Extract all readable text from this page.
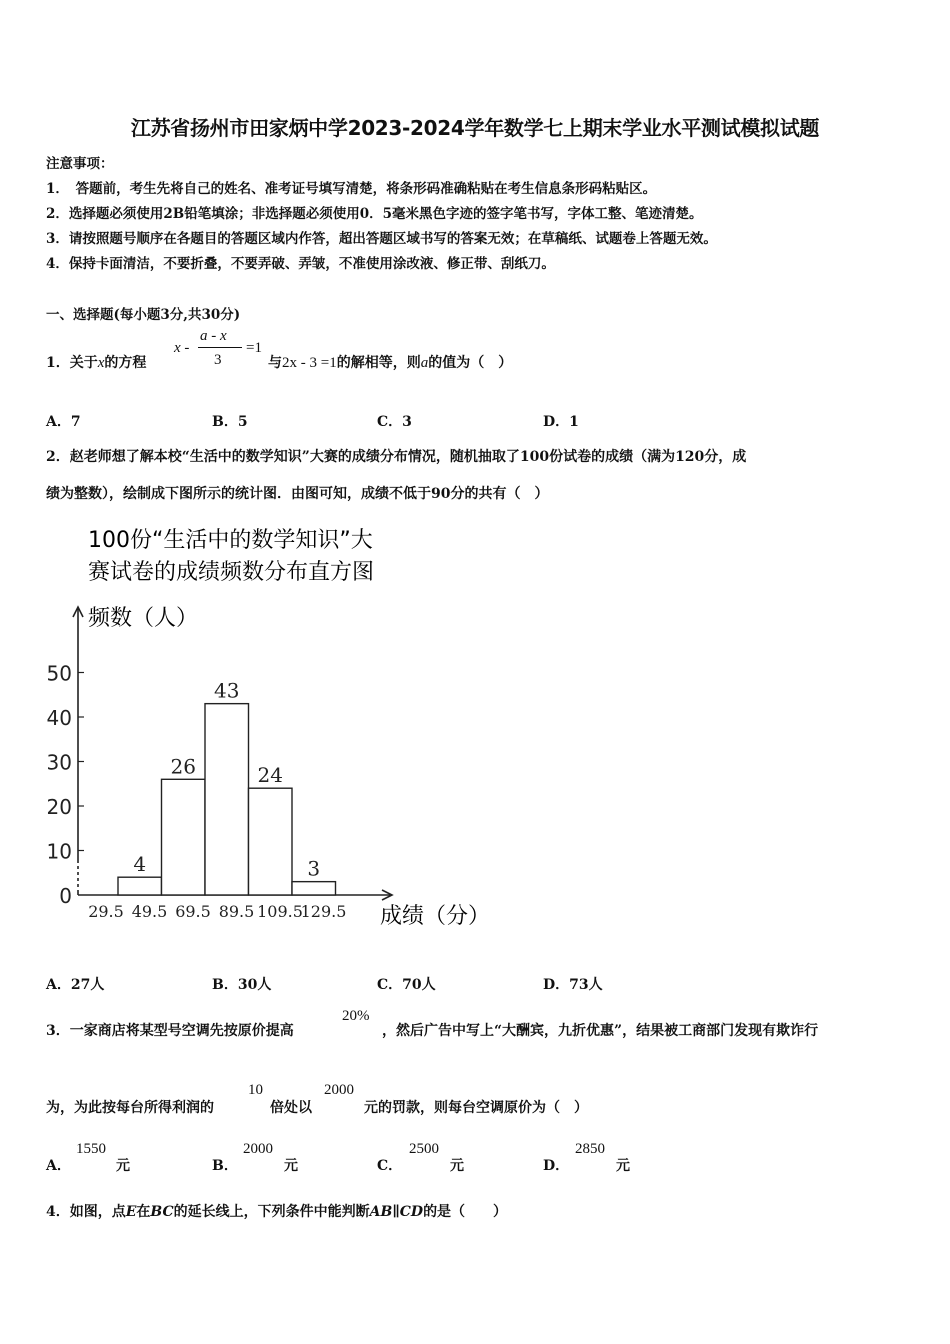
江苏省扬州市田家炳中学2023-2024学年数学七上期末学业水平测试模拟试题
注意事项：
1．　答题前，考生先将自己的姓名、准考证号填写清楚，将条形码准确粘贴在考生信息条形码粘贴区。
2．选择题必须使用2B铅笔填涂；非选择题必须使用0．5毫米黑色字迹的签字笔书写，字体工整、笔迹清楚。
3．请按照题号顺序在各题目的答题区域内作答，超出答题区域书写的答案无效；在草稿纸、试题卷上答题无效。
4．保持卡面清洁，不要折叠，不要弄破、弄皱，不准使用涂改液、修正带、刮纸刀。
一、选择题(每小题3分,共30分)
1．关于x的方程
x -
a - x
3
=1
与2x - 3 =1的解相等，则a的值为（　）
A．7	B．5	C．3	D．1
2．赵老师想了解本校“生活中的数学知识”大赛的成绩分布情况，随机抽取了100份试卷的成绩（满为120分，成
绩为整数），绘制成下图所示的统计图．由图可知，成绩不低于90分的共有（　）
100份“生活中的数学知识”大
赛试卷的成绩频数分布直方图
频数（人）
成绩（分）
0
10
20
30
40
50
29.5 49.5 69.5 89.5 109.5
129.5
4
26
43
24
3
A．27人	B．30人	C．70人	D．73人
3．一家商店将某型号空调先按原价提高
20%
，然后广告中写上“大酬宾，九折优惠”，结果被工商部门发现有欺诈行
为，为此按每台所得利润的
10
倍处以
2000
元的罚款，则每台空调原价为（　）
A．
1550
元	B．
2000
元	C．
2500
元	D．
2850
元
4．如图，点E在BC的延长线上，下列条件中能判断AB∥CD的是（　　）
